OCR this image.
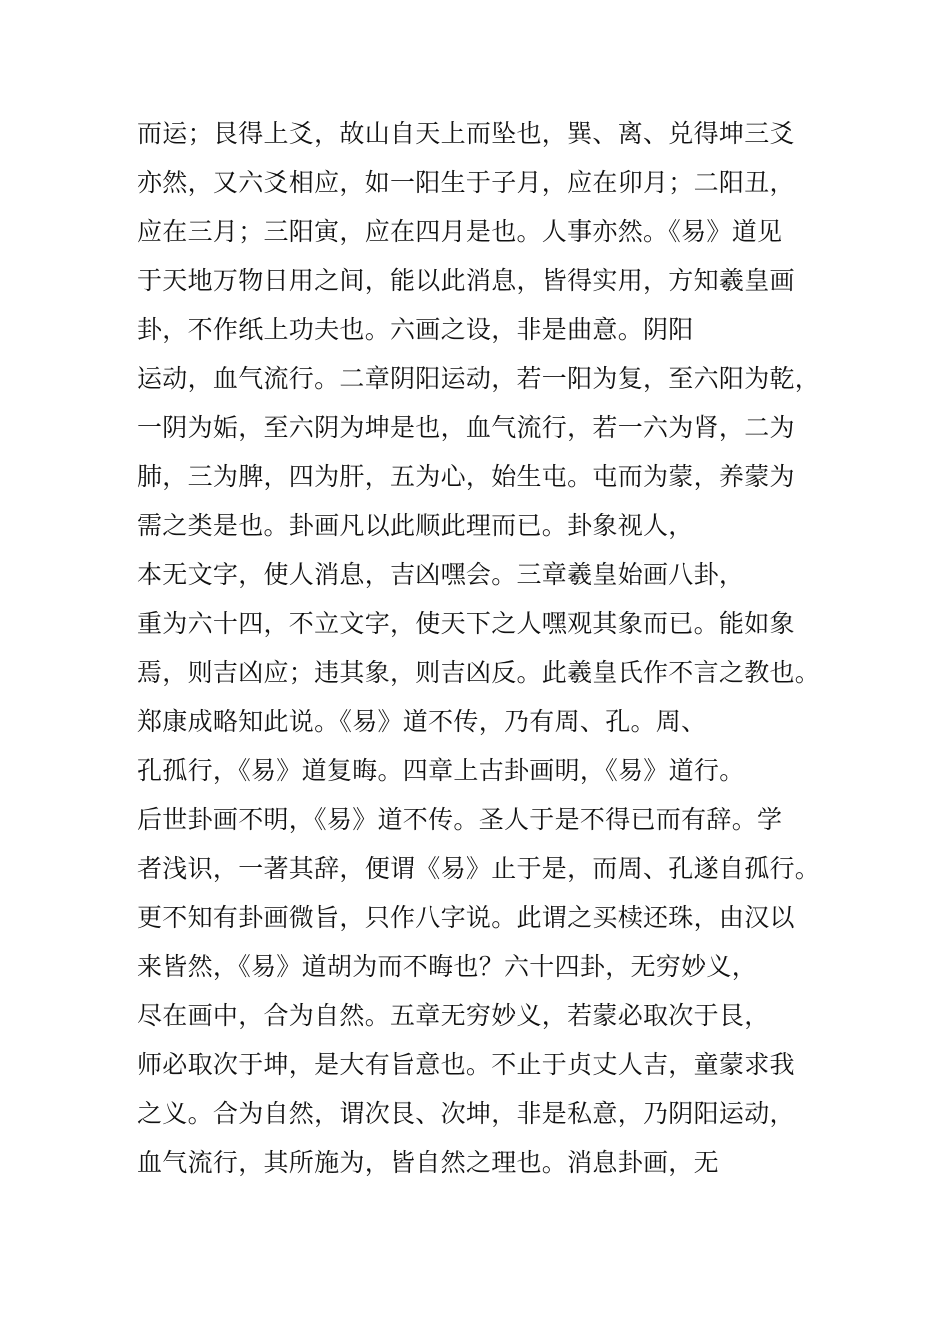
而运；艮得上爻，故山自天上而坠也，巽、离、兑得坤三爻
亦然，又六爻相应，如一阳生于子月，应在卯月；二阳丑，
应在三月；三阳寅，应在四月是也。人事亦然。《易》道见
于天地万物日用之间，能以此消息，皆得实用，方知羲皇画
卦，不作纸上功夫也。六画之设，非是曲意。阴阳
运动，血气流行。二章阴阳运动，若一阳为复，至六阳为乾，
一阴为姤，至六阴为坤是也，血气流行，若一六为肾，二为
肺，三为脾，四为肝，五为心，始生屯。屯而为蒙，养蒙为
需之类是也。卦画凡以此顺此理而已。卦象视人，
本无文字，使人消息，吉凶嘿会。三章羲皇始画八卦，
重为六十四，不立文字，使天下之人嘿观其象而已。能如象
焉，则吉凶应；违其象，则吉凶反。此羲皇氏作不言之教也。
郑康成略知此说。《易》道不传，乃有周、孔。周、
孔孤行，《易》道复晦。四章上古卦画明，《易》道行。
后世卦画不明，《易》道不传。圣人于是不得已而有辞。学
者浅识，一著其辞，便谓《易》止于是，而周、孔遂自孤行。
更不知有卦画微旨，只作八字说。此谓之买椟还珠，由汉以
来皆然，《易》道胡为而不晦也？六十四卦，无穷妙义，
尽在画中，合为自然。五章无穷妙义，若蒙必取次于艮，
师必取次于坤，是大有旨意也。不止于贞丈人吉，童蒙求我
之义。合为自然，谓次艮、次坤，非是私意，乃阴阳运动，
血气流行，其所施为，皆自然之理也。消息卦画，无
